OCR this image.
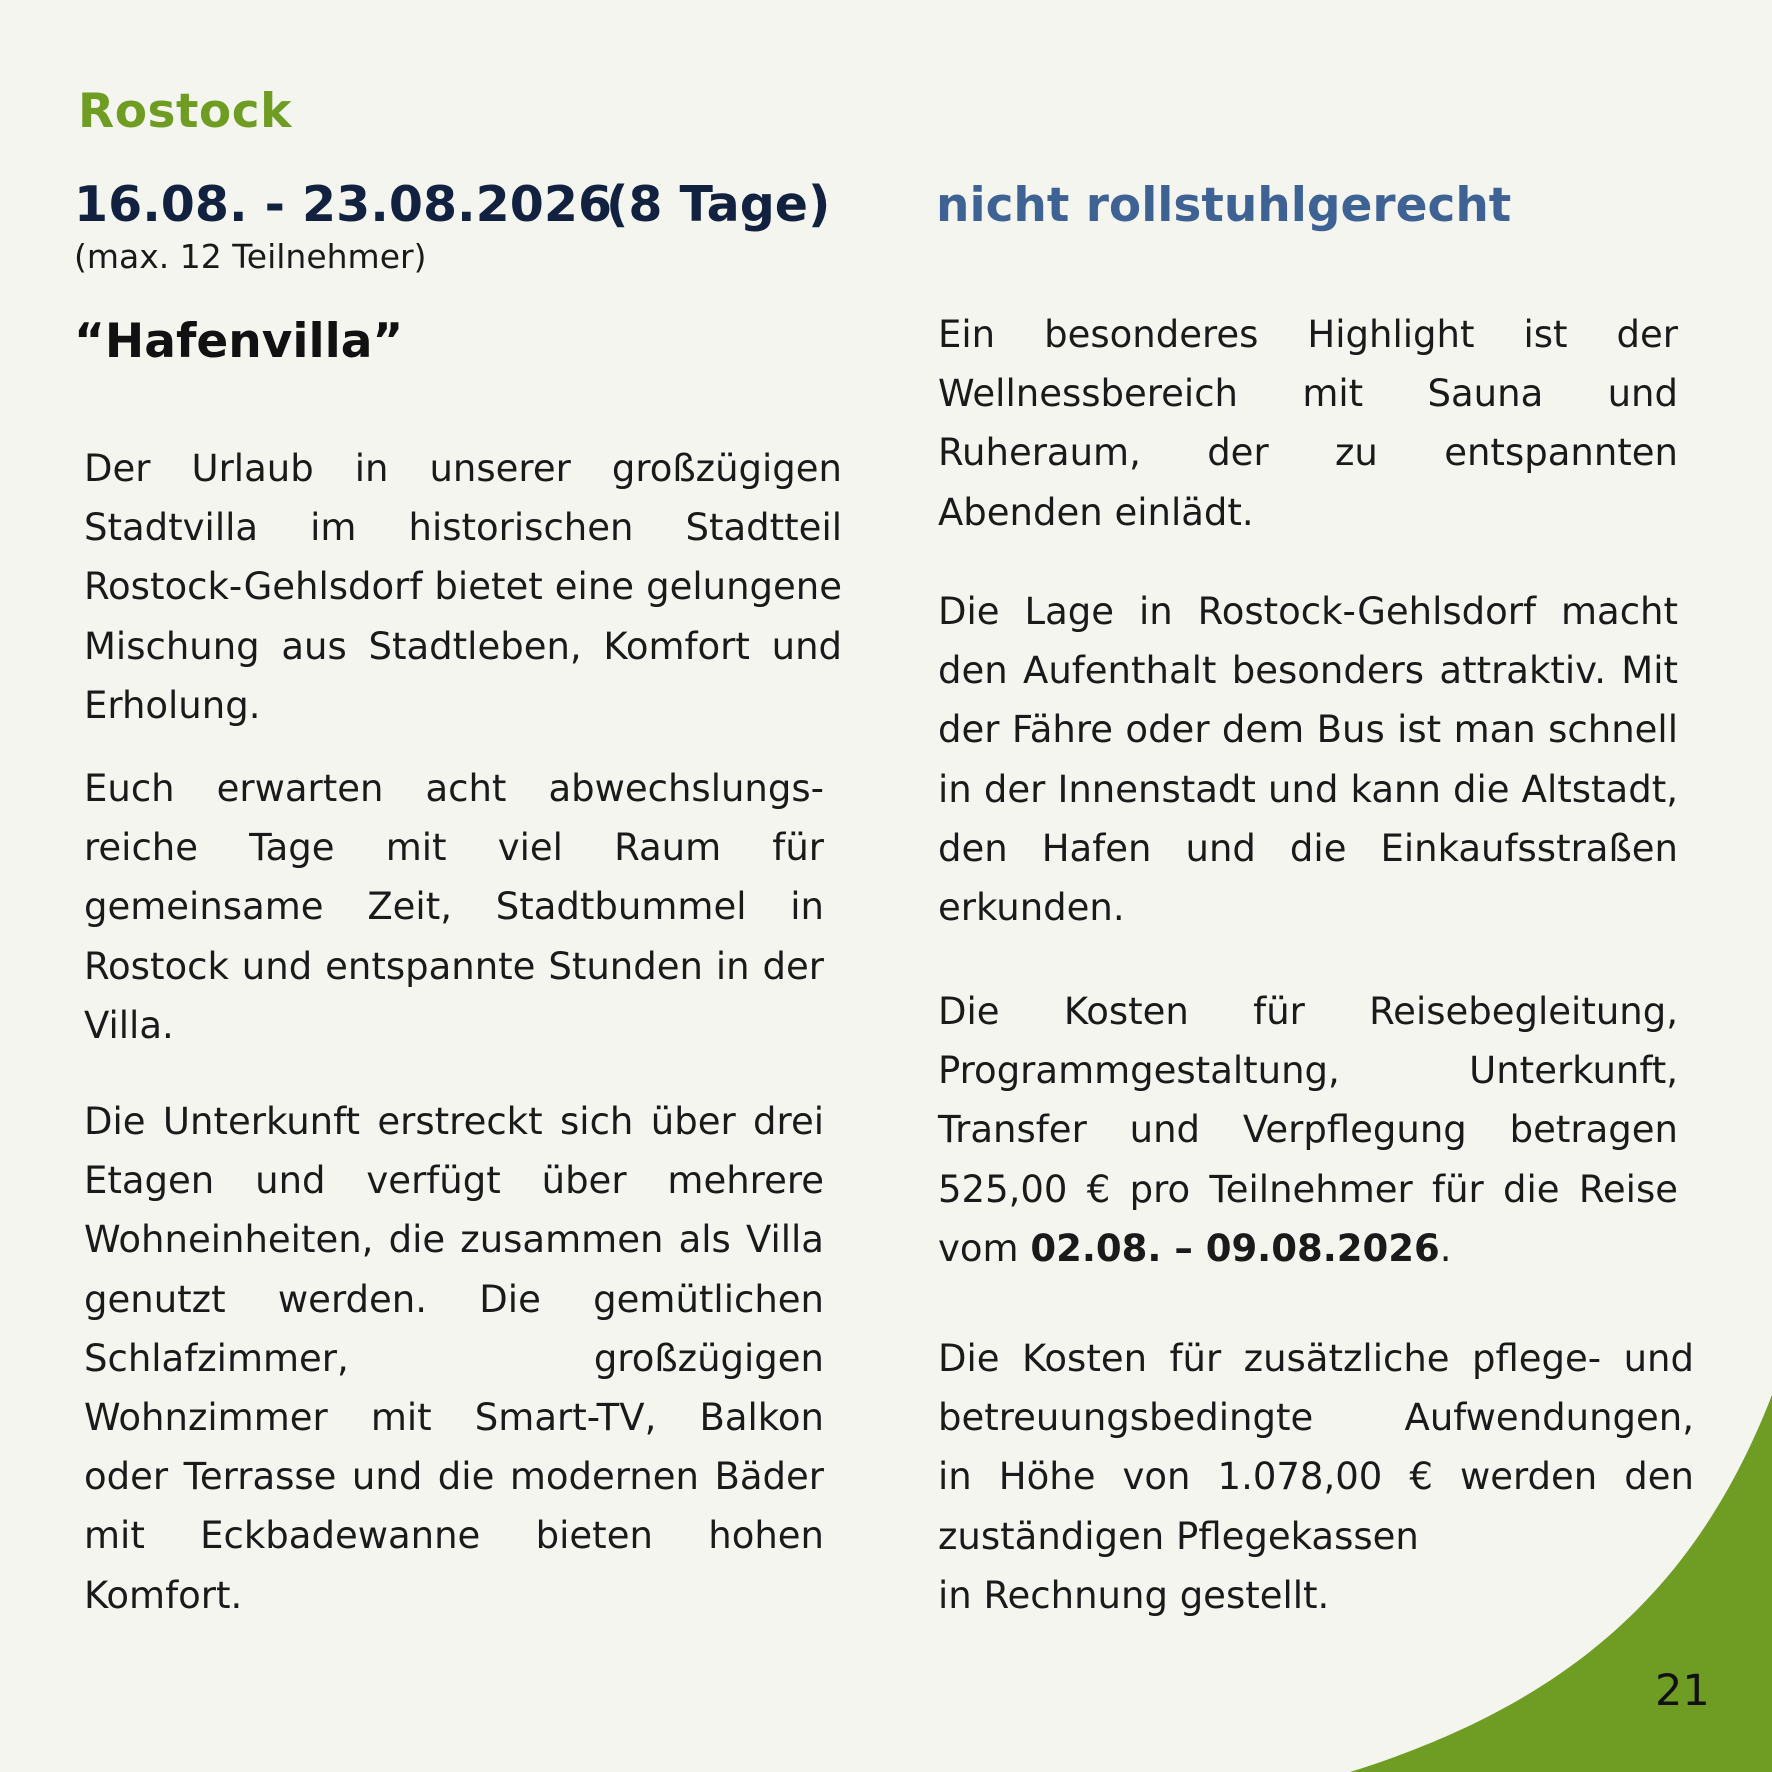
Rostock
16.08. - 23.08.2026
(8 Tage) nicht rollstuhlgerecht
(max. 12 Teilnehmer)
“Hafenvilla”

Der Urlaub in unserer großzügigen Stadtvilla im historischen Stadtteil Rostock-Gehlsdorf bietet eine gelungene Mischung aus Stadtleben, Komfort und Erholung.

Euch erwarten acht abwechslungs-reiche Tage mit viel Raum für gemeinsame Zeit, Stadtbummel in Rostock und entspannte Stunden in der Villa.

Die Unterkunft erstreckt sich über drei Etagen und verfügt über mehrere Wohneinheiten, die zusammen als Villa genutzt werden. Die gemütlichen Schlafzimmer, großzügigen Wohnzimmer mit Smart-TV, Balkon oder Terrasse und die modernen Bäder mit Eckbadewanne bieten hohen Komfort.

Ein besonderes Highlight ist der Wellnessbereich mit Sauna und Ruheraum, der zu entspannten Abenden einlädt.

Die Lage in Rostock-Gehlsdorf macht den Aufenthalt besonders attraktiv. Mit der Fähre oder dem Bus ist man schnell in der Innenstadt und kann die Altstadt, den Hafen und die Einkaufsstraßen erkunden.

Die Kosten für Reisebegleitung, Programmgestaltung, Unterkunft, Transfer und Verpflegung betragen 525,00 € pro Teilnehmer für die Reise vom 02.08. – 09.08.2026.

Die Kosten für zusätzliche pflege- und
betreuungsbedingte Aufwendungen,
in Höhe von 1.078,00 € werden den
zuständigen Pflegekassen
in Rechnung gestellt.

21
